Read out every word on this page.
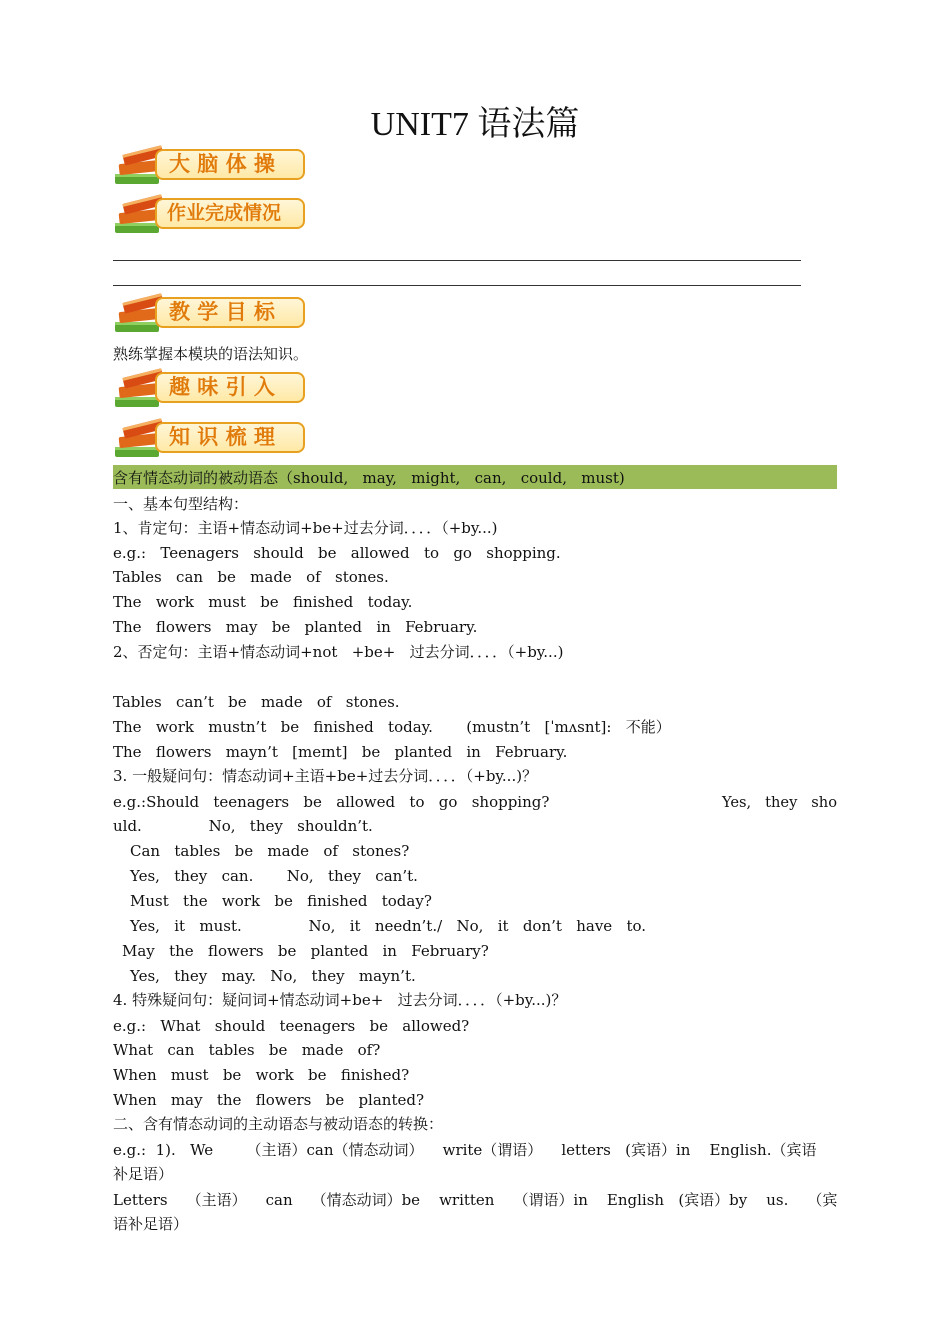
UNIT7 语法篇
大 脑 体 操
作业完成情况
教 学 目 标
熟练掌握本模块的语法知识。
趣 味 引 入
知 识 梳 理
含有情态动词的被动语态（should,   may,   might,   can,   could,   must)
一、基本句型结构：
1、肯定句：主语+情态动词+be+过去分词．．．．（+by...)
e.g.:   Teenagers   should   be   allowed   to   go   shopping.
Tables   can   be   made   of   stones.
The   work   must   be   finished   today.
The   flowers   may   be   planted   in   February.
2、否定句：主语+情态动词+not   +be+   过去分词．．．．（+by...)
Tables   can’t   be   made   of   stones.
The   work   mustn’t   be   finished   today.       (mustn’t   [ˈmʌsnt]:   不能）
The   flowers   mayn’t   [meɪnt]   be   planted   in   February.
3. 一般疑问句：情态动词+主语+be+过去分词．．．．（+by...)？
e.g.:Should   teenagers   be   allowed   to   go   shopping?	Yes,   they   sho
uld.              No,   they   shouldn’t.
Can   tables   be   made   of   stones?
Yes,   they   can.       No,   they   can’t.
Must   the   work   be   finished   today?
Yes,   it   must.              No,   it   needn’t./   No,   it   don’t   have   to.
May   the   flowers   be   planted   in   February?
Yes,   they   may.   No,   they   mayn’t.
4. 特殊疑问句：疑问词+情态动词+be+   过去分词．．．．（+by...)？
e.g.:   What   should   teenagers   be   allowed?
What   can   tables   be   made   of?
When   must   be   work   be   finished?
When   may   the   flowers   be   planted?
二、含有情态动词的主动语态与被动语态的转换：
e.g.:  1).   We       （主语）can（情态动词）    write（谓语）    letters   (宾语）in    English.（宾语
补足语）
Letters    （主语）    can    （情态动词）be    written    （谓语）in    English   (宾语）by    us.    （宾
语补足语）
